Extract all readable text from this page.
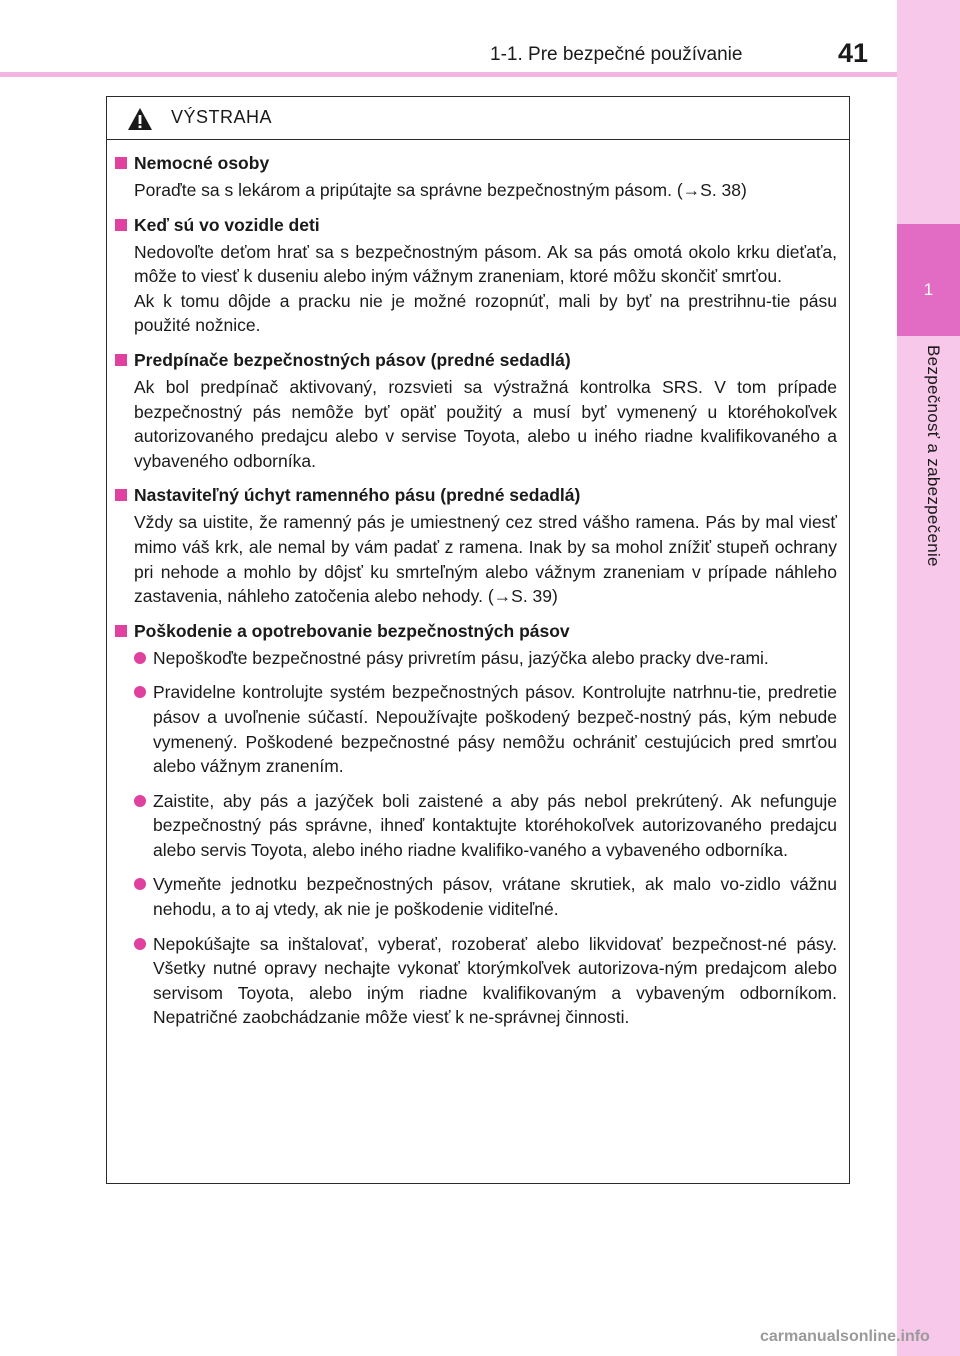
1-1. Pre bezpečné používanie	41
1
Bezpečnosť a zabezpečenie
VÝSTRAHA
Nemocné osoby
Poraďte sa s lekárom a pripútajte sa správne bezpečnostným pásom. (→S. 38)
Keď sú vo vozidle deti
Nedovoľte deťom hrať sa s bezpečnostným pásom. Ak sa pás omotá okolo krku dieťaťa, môže to viesť k duseniu alebo iným vážnym zraneniam, ktoré môžu skončiť smrťou.
Ak k tomu dôjde a pracku nie je možné rozopnúť, mali by byť na prestrihnu-tie pásu použité nožnice.
Predpínače bezpečnostných pásov (predné sedadlá)
Ak bol predpínač aktivovaný, rozsvieti sa výstražná kontrolka SRS. V tom prípade bezpečnostný pás nemôže byť opäť použitý a musí byť vymenený u ktoréhokoľvek autorizovaného predajcu alebo v servise Toyota, alebo u iného riadne kvalifikovaného a vybaveného odborníka.
Nastaviteľný úchyt ramenného pásu (predné sedadlá)
Vždy sa uistite, že ramenný pás je umiestnený cez stred vášho ramena. Pás by mal viesť mimo váš krk, ale nemal by vám padať z ramena. Inak by sa mohol znížiť stupeň ochrany pri nehode a mohlo by dôjsť ku smrteľným alebo vážnym zraneniam v prípade náhleho zastavenia, náhleho zatočenia alebo nehody. (→S. 39)
Poškodenie a opotrebovanie bezpečnostných pásov
Nepoškoďte bezpečnostné pásy privretím pásu, jazýčka alebo pracky dve-rami.
Pravidelne kontrolujte systém bezpečnostných pásov. Kontrolujte natrhnu-tie, predretie pásov a uvoľnenie súčastí. Nepoužívajte poškodený bezpeč-nostný pás, kým nebude vymenený. Poškodené bezpečnostné pásy nemôžu ochrániť cestujúcich pred smrťou alebo vážnym zranením.
Zaistite, aby pás a jazýček boli zaistené a aby pás nebol prekrútený. Ak nefunguje bezpečnostný pás správne, ihneď kontaktujte ktoréhokoľvek autorizovaného predajcu alebo servis Toyota, alebo iného riadne kvalifiko-vaného a vybaveného odborníka.
Vymeňte jednotku bezpečnostných pásov, vrátane skrutiek, ak malo vo-zidlo vážnu nehodu, a to aj vtedy, ak nie je poškodenie viditeľné.
Nepokúšajte sa inštalovať, vyberať, rozoberať alebo likvidovať bezpečnost-né pásy. Všetky nutné opravy nechajte vykonať ktorýmkoľvek autorizova-ným predajcom alebo servisom Toyota, alebo iným riadne kvalifikovaným a vybaveným odborníkom. Nepatričné zaobchádzanie môže viesť k ne-správnej činnosti.
carmanualsonline.info
